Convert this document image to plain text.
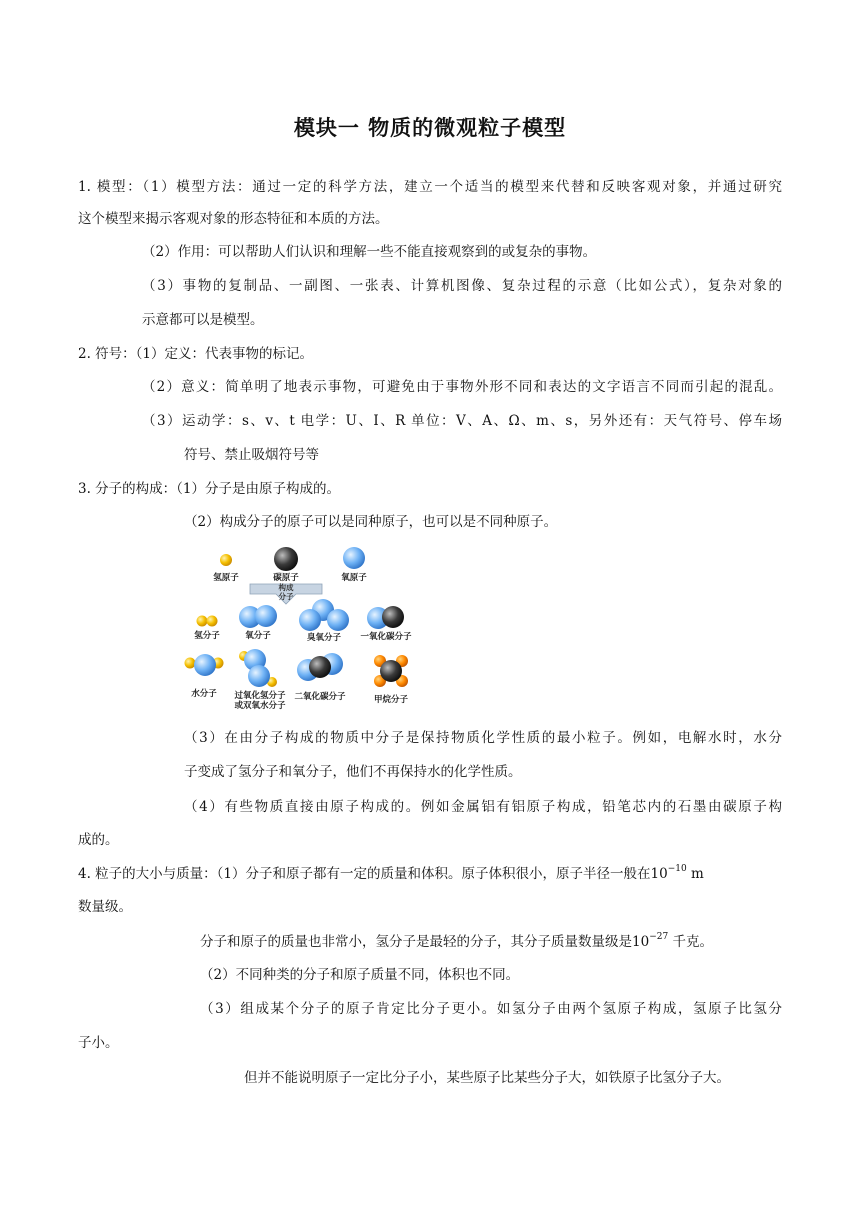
模块一 物质的微观粒子模型
1. 模型：（1）模型方法：通过一定的科学方法，建立一个适当的模型来代替和反映客观对象，并通过研究
这个模型来揭示客观对象的形态特征和本质的方法。
（2）作用：可以帮助人们认识和理解一些不能直接观察到的或复杂的事物。
（3）事物的复制品、一副图、一张表、计算机图像、复杂过程的示意（比如公式），复杂对象的
示意都可以是模型。
2. 符号：（1）定义：代表事物的标记。
（2）意义：简单明了地表示事物，可避免由于事物外形不同和表达的文字语言不同而引起的混乱。
（3）运动学：s、v、t 电学：U、I、R 单位：V、A、Ω、m、s，另外还有：天气符号、停车场
符号、禁止吸烟符号等
3. 分子的构成：（1）分子是由原子构成的。
（2）构成分子的原子可以是同种原子，也可以是不同种原子。
氢原子	碳原子	氧原子
构成
分子
氢分子	氧分子	臭氧分子 一氧化碳分子
水分子 过氧化氢分子
或双氧水分子
二氧化碳分子	甲烷分子
（3）在由分子构成的物质中分子是保持物质化学性质的最小粒子。例如，电解水时，水分
子变成了氢分子和氧分子，他们不再保持水的化学性质。
（4）有些物质直接由原子构成的。例如金属铝有铝原子构成，铅笔芯内的石墨由碳原子构
成的。
4. 粒子的大小与质量：（1）分子和原子都有一定的质量和体积。原子体积很小，原子半径一般在$10^{-10}$ m
数量级。
分子和原子的质量也非常小，氢分子是最轻的分子，其分子质量数量级是$10^{-27}$ 千克。
（2）不同种类的分子和原子质量不同，体积也不同。
（3）组成某个分子的原子肯定比分子更小。如氢分子由两个氢原子构成，氢原子比氢分
子小。
但并不能说明原子一定比分子小，某些原子比某些分子大，如铁原子比氢分子大。
